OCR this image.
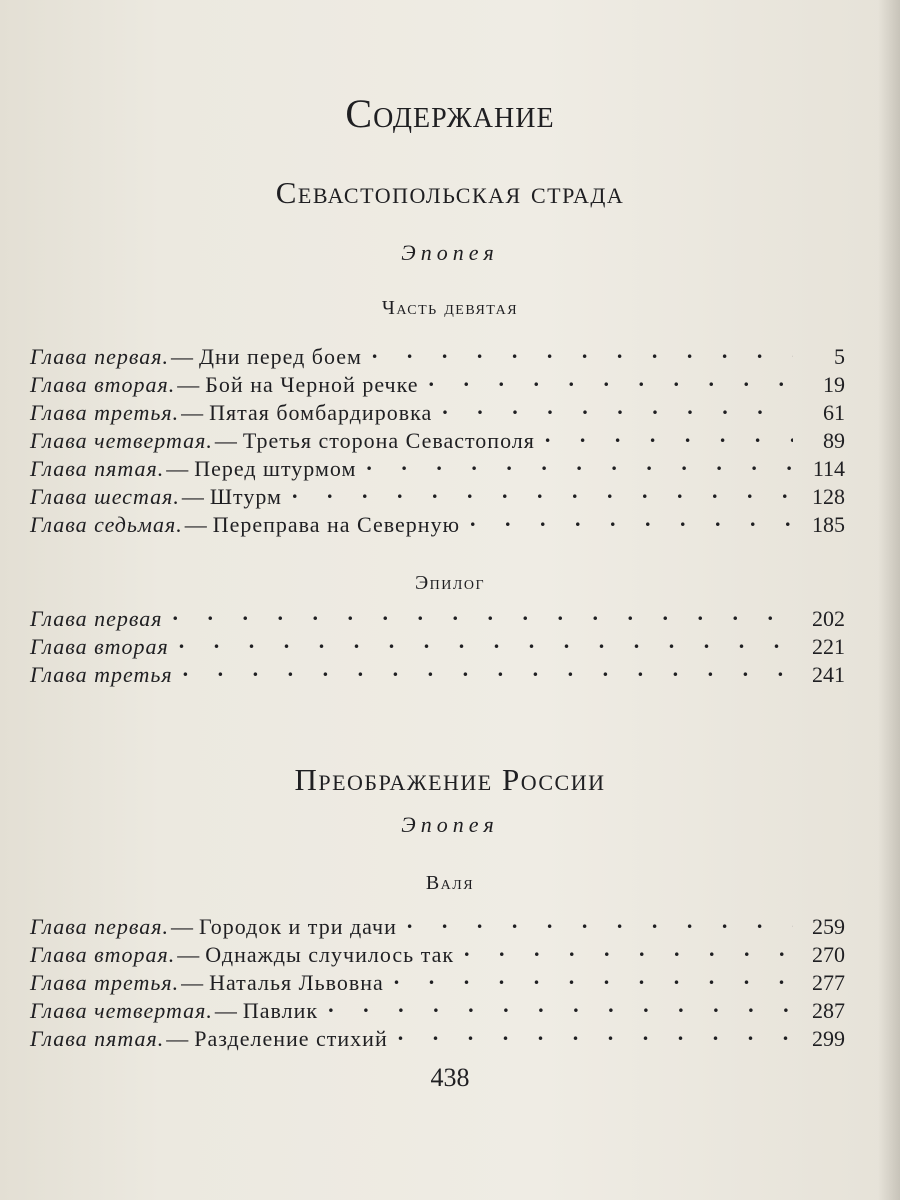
Содержание
Севастопольская страда
Эпопея
Часть девятая
Глава первая. — Дни перед боем . . .	5
Глава вторая. — Бой на Черной речке . . .	19
Глава третья. — Пятая бомбардировка . . .	61
Глава четвертая. — Третья сторона Севастополя . . .	89
Глава пятая. — Перед штурмом . . .	114
Глава шестая. — Штурм . . .	128
Глава седьмая. — Переправа на Северную . . .	185
Эпилог
Глава первая . . .	202
Глава вторая . . .	221
Глава третья . . .	241
Преображение России
Эпопея
Валя
Глава первая. — Городок и три дачи . . .	259
Глава вторая. — Однажды случилось так . . .	270
Глава третья. — Наталья Львовна . . .	277
Глава четвертая. — Павлик . . .	287
Глава пятая. — Разделение стихий . . .	299
438
